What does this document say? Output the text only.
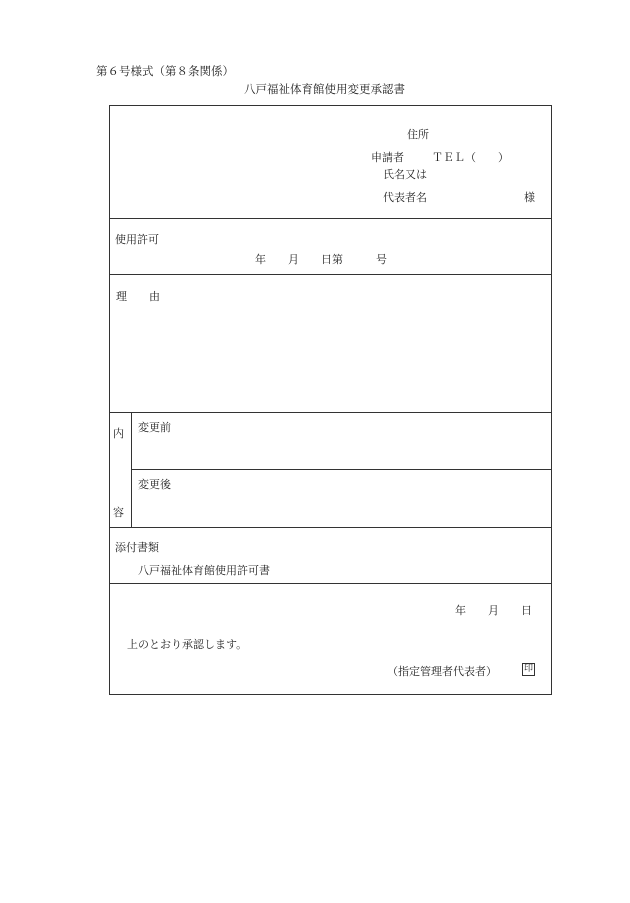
第６号様式（第８条関係）
八戸福祉体育館使用変更承認書
住所
申請者	ＴＥＬ（　　）
氏名又は
代表者名	様
使用許可
年　　月　　日第　　　号
理　　由
内
容
変更前
変更後
添付書類
八戸福祉体育館使用許可書
年　　月　　日
上のとおり承認します。
（指定管理者代表者）	印
